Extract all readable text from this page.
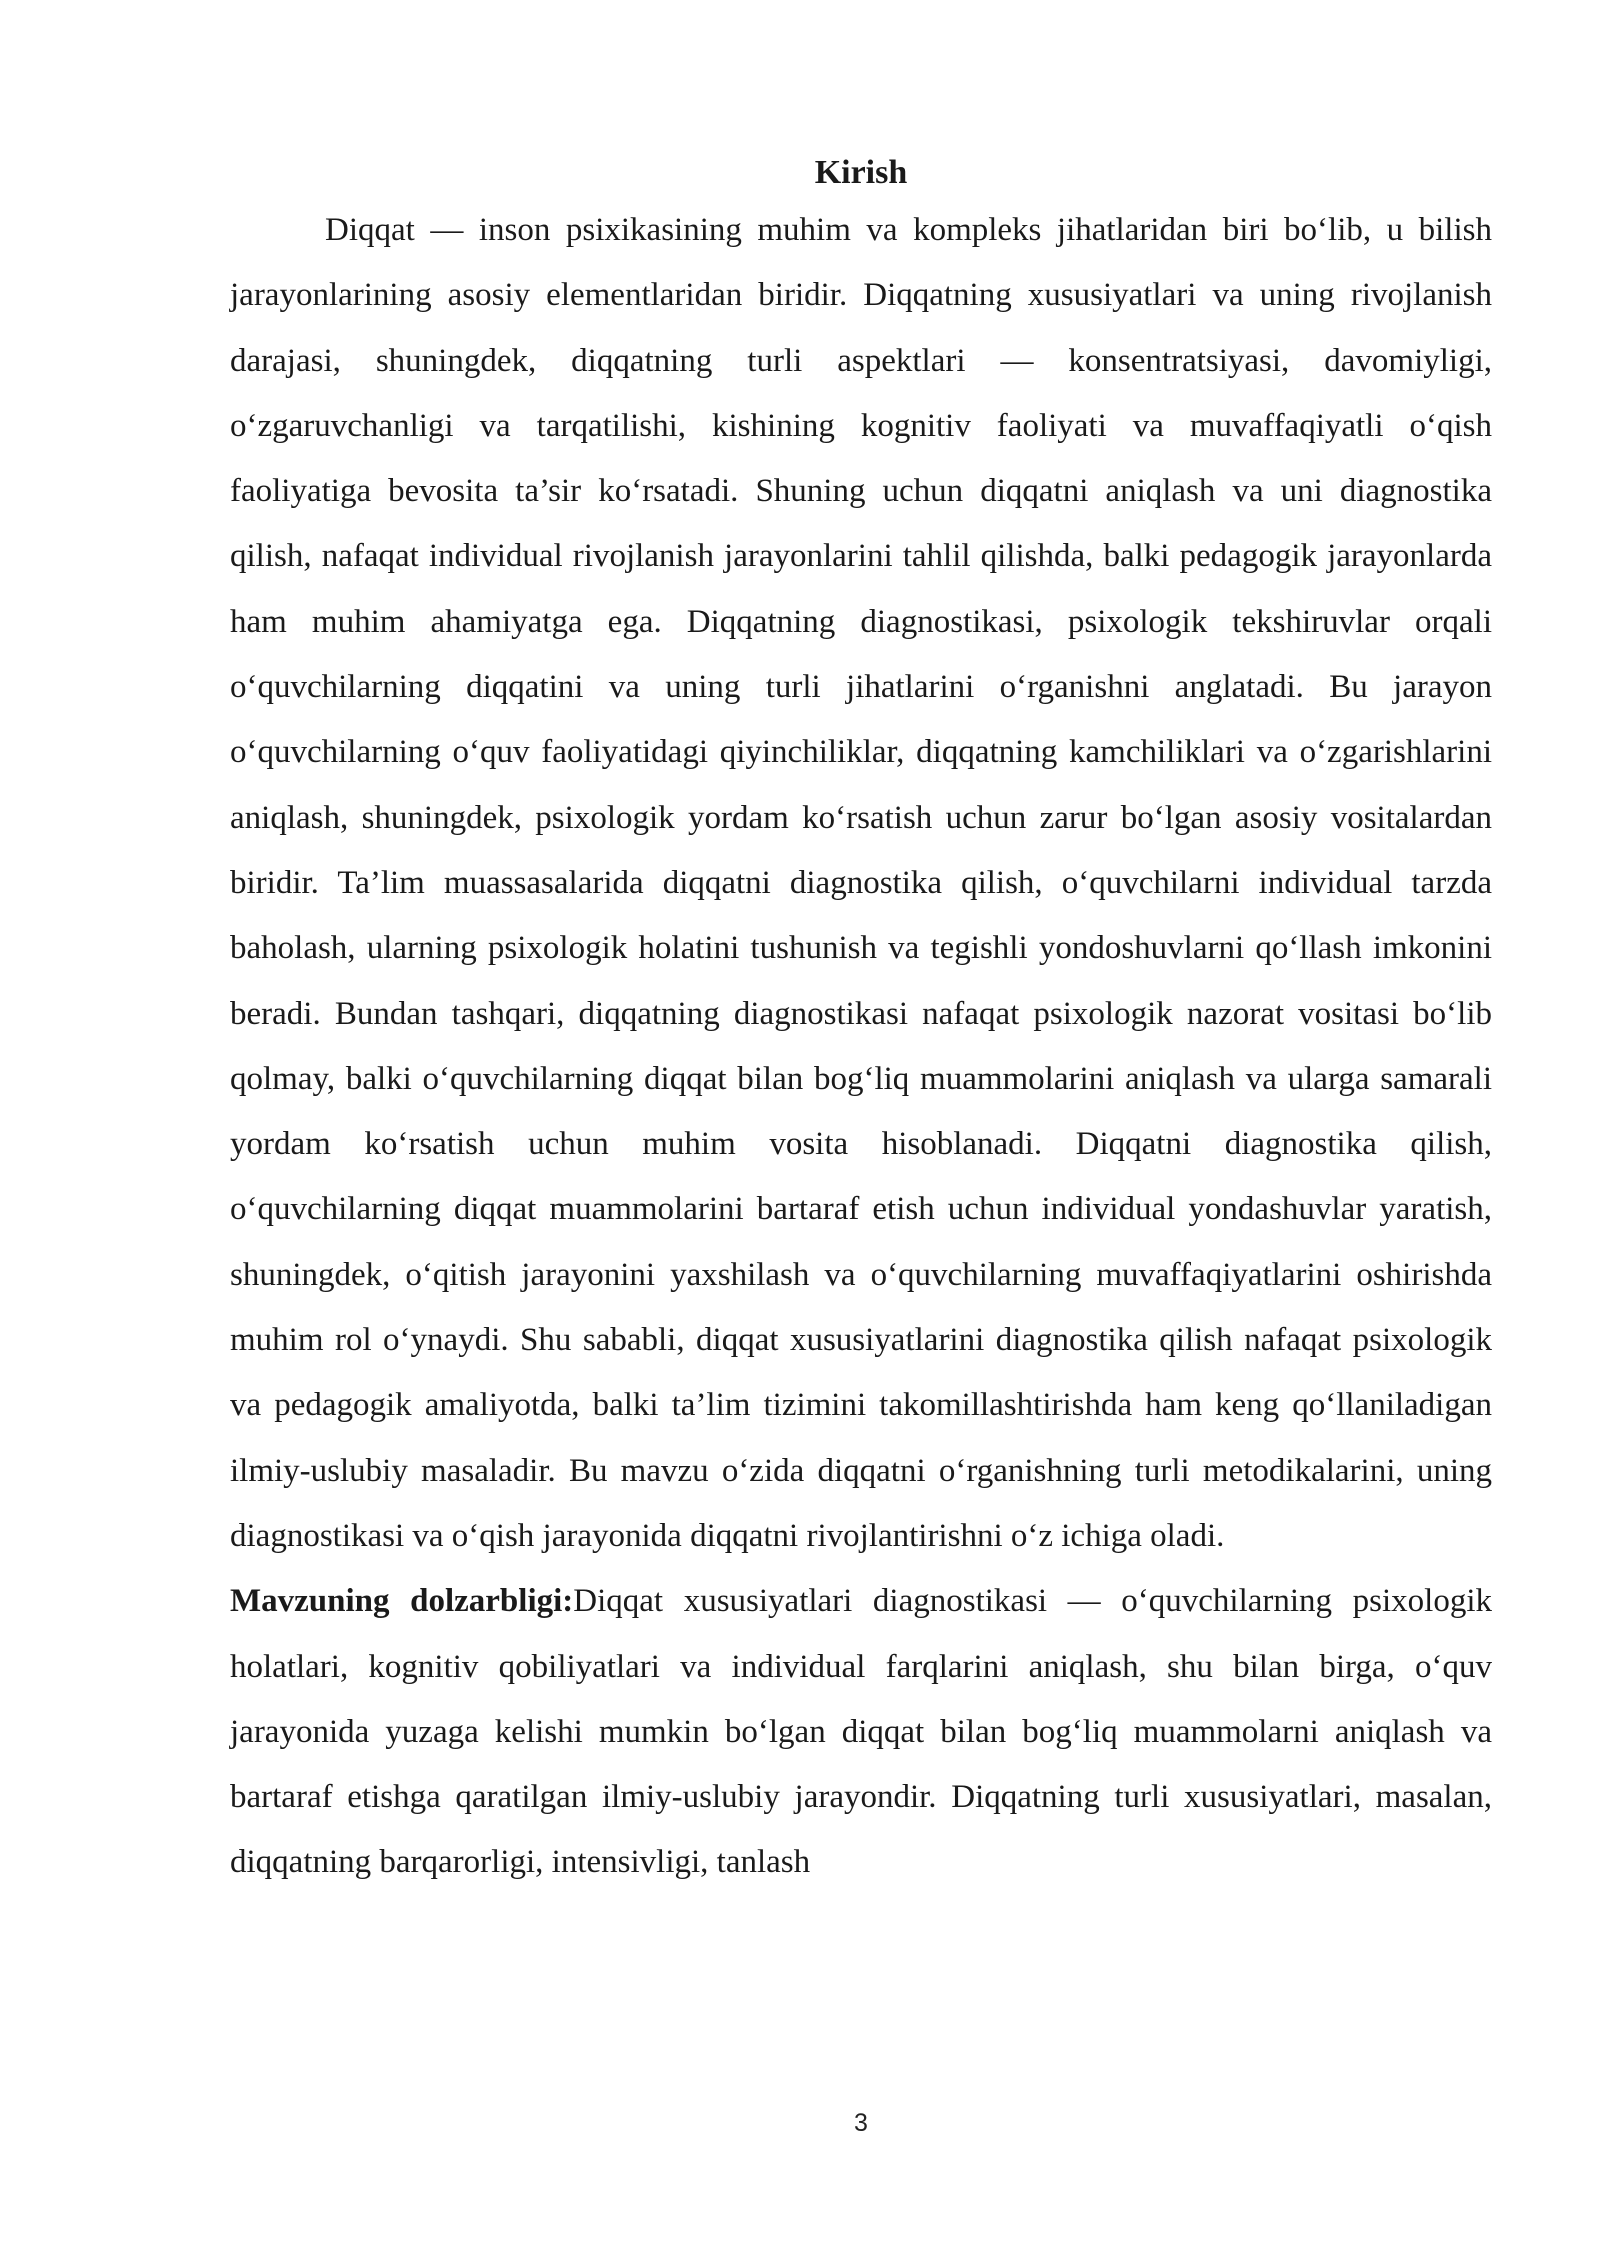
Kirish

Diqqat — inson psixikasining muhim va kompleks jihatlaridan biri bo‘lib, u bilish jarayonlarining asosiy elementlaridan biridir. Diqqatning xususiyatlari va uning rivojlanish darajasi, shuningdek, diqqatning turli aspektlari — konsentratsiyasi, davomiyligi, o‘zgaruvchanligi va tarqatilishi, kishining kognitiv faoliyati va muvaffaqiyatli o‘qish faoliyatiga bevosita ta’sir ko‘rsatadi. Shuning uchun diqqatni aniqlash va uni diagnostika qilish, nafaqat individual rivojlanish jarayonlarini tahlil qilishda, balki pedagogik jarayonlarda ham muhim ahamiyatga ega. Diqqatning diagnostikasi, psixologik tekshiruvlar orqali o‘quvchilarning diqqatini va uning turli jihatlarini o‘rganishni anglatadi. Bu jarayon o‘quvchilarning o‘quv faoliyatidagi qiyinchiliklar, diqqatning kamchiliklari va o‘zgarishlarini aniqlash, shuningdek, psixologik yordam ko‘rsatish uchun zarur bo‘lgan asosiy vositalardan biridir. Ta’lim muassasalarida diqqatni diagnostika qilish, o‘quvchilarni individual tarzda baholash, ularning psixologik holatini tushunish va tegishli yondoshuvlarni qo‘llash imkonini beradi. Bundan tashqari, diqqatning diagnostikasi nafaqat psixologik nazorat vositasi bo‘lib qolmay, balki o‘quvchilarning diqqat bilan bog‘liq muammolarini aniqlash va ularga samarali yordam ko‘rsatish uchun muhim vosita hisoblanadi. Diqqatni diagnostika qilish, o‘quvchilarning diqqat muammolarini bartaraf etish uchun individual yondashuvlar yaratish, shuningdek, o‘qitish jarayonini yaxshilash va o‘quvchilarning muvaffaqiyatlarini oshirishda muhim rol o‘ynaydi. Shu sababli, diqqat xususiyatlarini diagnostika qilish nafaqat psixologik va pedagogik amaliyotda, balki ta’lim tizimini takomillashtirishda ham keng qo‘llaniladigan ilmiy-uslubiy masaladir. Bu mavzu o‘zida diqqatni o‘rganishning turli metodikalarini, uning diagnostikasi va o‘qish jarayonida diqqatni rivojlantirishni o‘z ichiga oladi.

Mavzuning dolzarbligi:Diqqat xususiyatlari diagnostikasi — o‘quvchilarning psixologik holatlari, kognitiv qobiliyatlari va individual farqlarini aniqlash, shu bilan birga, o‘quv jarayonida yuzaga kelishi mumkin bo‘lgan diqqat bilan bog‘liq muammolarni aniqlash va bartaraf etishga qaratilgan ilmiy-uslubiy jarayondir. Diqqatning turli xususiyatlari, masalan, diqqatning barqarorligi, intensivligi, tanlash

3
